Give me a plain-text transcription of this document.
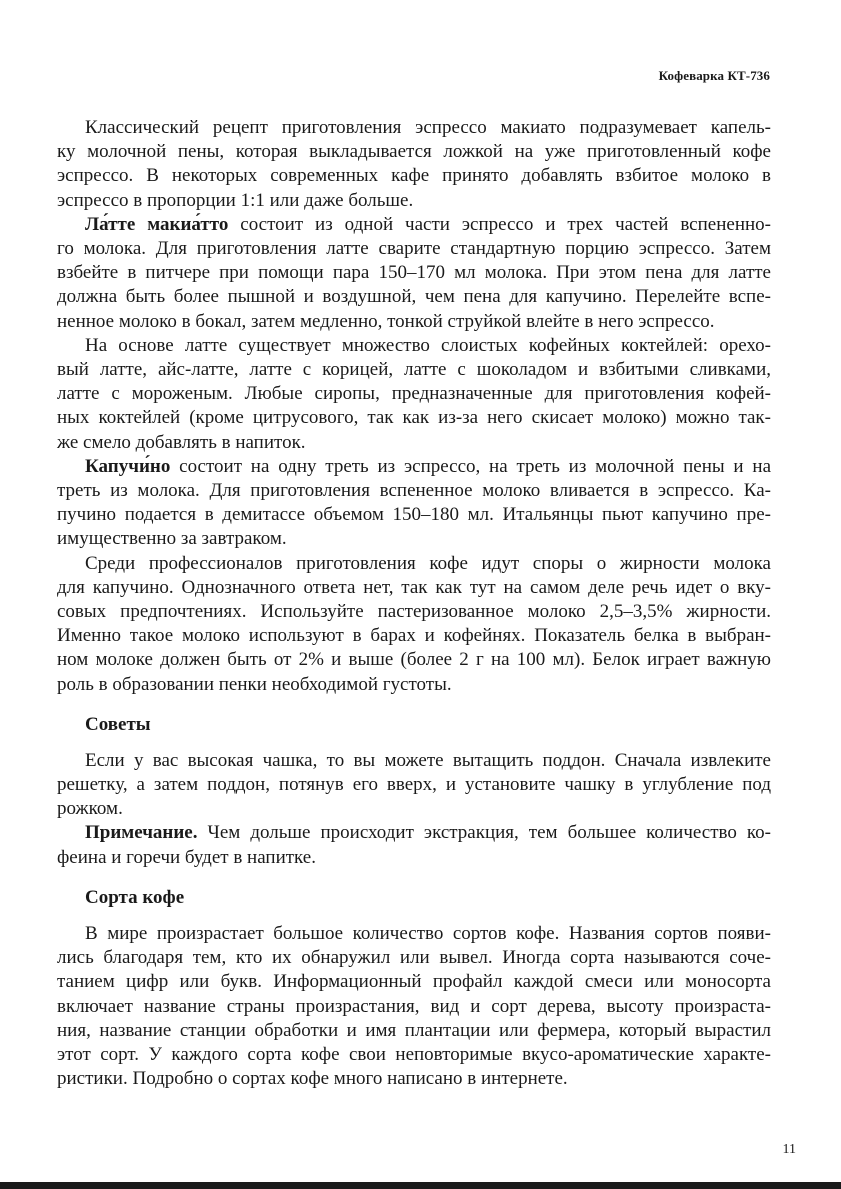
Кофеварка КТ-736
Классический рецепт приготовления эспрессо макиато подразумевает капель-
ку молочной пены, которая выкладывается ложкой на уже приготовленный кофе
эспрессо. В некоторых современных кафе принято добавлять взбитое молоко в
эспрессо в пропорции 1:1 или даже больше.
Ла́тте макиа́тто состоит из одной части эспрессо и трех частей вспененно-
го молока. Для приготовления латте сварите стандартную порцию эспрессо. Затем
взбейте в питчере при помощи пара 150–170 мл молока. При этом пена для латте
должна быть более пышной и воздушной, чем пена для капучино. Перелейте вспе-
ненное молоко в бокал, затем медленно, тонкой струйкой влейте в него эспрессо.
На основе латте существует множество слоистых кофейных коктейлей: орехо-
вый латте, айс-латте, латте с корицей, латте с шоколадом и взбитыми сливками,
латте с мороженым. Любые сиропы, предназначенные для приготовления кофей-
ных коктейлей (кроме цитрусового, так как из-за него скисает молоко) можно так-
же смело добавлять в напиток.
Капучи́но состоит на одну треть из эспрессо, на треть из молочной пены и на
треть из молока. Для приготовления вспененное молоко вливается в эспрессо. Ка-
пучино подается в демитассе объемом 150–180 мл. Итальянцы пьют капучино пре-
имущественно за завтраком.
Среди профессионалов приготовления кофе идут споры о жирности молока
для капучино. Однозначного ответа нет, так как тут на самом деле речь идет о вку-
совых предпочтениях. Используйте пастеризованное молоко 2,5–3,5% жирности.
Именно такое молоко используют в барах и кофейнях. Показатель белка в выбран-
ном молоке должен быть от 2% и выше (более 2 г на 100 мл). Белок играет важную
роль в образовании пенки необходимой густоты.
Советы
Если у вас высокая чашка, то вы можете вытащить поддон. Сначала извлеките
решетку, а затем поддон, потянув его вверх, и установите чашку в углубление под
рожком.
Примечание. Чем дольше происходит экстракция, тем большее количество ко-
феина и горечи будет в напитке.
Сорта кофе
В мире произрастает большое количество сортов кофе. Названия сортов появи-
лись благодаря тем, кто их обнаружил или вывел. Иногда сорта называются соче-
танием цифр или букв. Информационный профайл каждой смеси или моносорта
включает название страны произрастания, вид и сорт дерева, высоту произраста-
ния, название станции обработки и имя плантации или фермера, который вырастил
этот сорт. У каждого сорта кофе свои неповторимые вкусо-ароматические характе-
ристики. Подробно о сортах кофе много написано в интернете.
11
